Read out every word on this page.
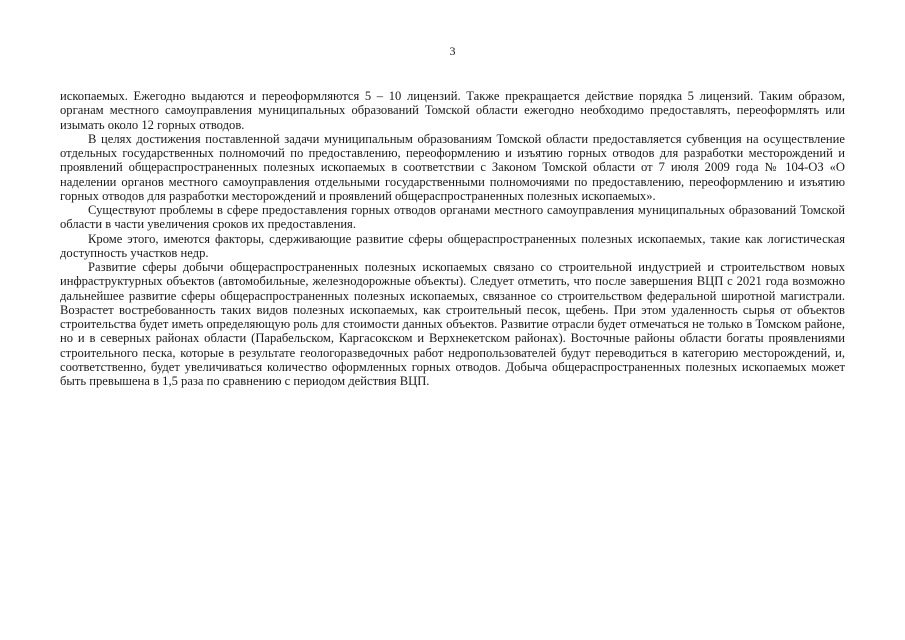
3

ископаемых. Ежегодно выдаются и переоформляются 5 – 10 лицензий. Также прекращается действие порядка 5 лицензий. Таким образом, органам местного самоуправления муниципальных образований Томской области ежегодно необходимо предоставлять, переоформлять или изымать около 12 горных отводов.

В целях достижения поставленной задачи муниципальным образованиям Томской области предоставляется субвенция на осуществление отдельных государственных полномочий по предоставлению, переоформлению и изъятию горных отводов для разработки месторождений и проявлений общераспространенных полезных ископаемых в соответствии с Законом Томской области от 7 июля 2009 года № 104-ОЗ «О наделении органов местного самоуправления отдельными государственными полномочиями по предоставлению, переоформлению и изъятию горных отводов для разработки месторождений и проявлений общераспространенных полезных ископаемых».

Существуют проблемы в сфере предоставления горных отводов органами местного самоуправления муниципальных образований Томской области в части увеличения сроков их предоставления.

Кроме этого, имеются факторы, сдерживающие развитие сферы общераспространенных полезных ископаемых, такие как логистическая доступность участков недр.

Развитие сферы добычи общераспространенных полезных ископаемых связано со строительной индустрией и строительством новых инфраструктурных объектов (автомобильные, железнодорожные объекты). Следует отметить, что после завершения ВЦП с 2021 года возможно дальнейшее развитие сферы общераспространенных полезных ископаемых, связанное со строительством федеральной широтной магистрали. Возрастет востребованность таких видов полезных ископаемых, как строительный песок, щебень. При этом удаленность сырья от объектов строительства будет иметь определяющую роль для стоимости данных объектов. Развитие отрасли будет отмечаться не только в Томском районе, но и в северных районах области (Парабельском, Каргасокском и Верхнекетском районах). Восточные районы области богаты проявлениями строительного песка, которые в результате геологоразведочных работ недропользователей будут переводиться в категорию месторождений, и, соответственно, будет увеличиваться количество оформленных горных отводов. Добыча общераспространенных полезных ископаемых может быть превышена в 1,5 раза по сравнению с периодом действия ВЦП.
